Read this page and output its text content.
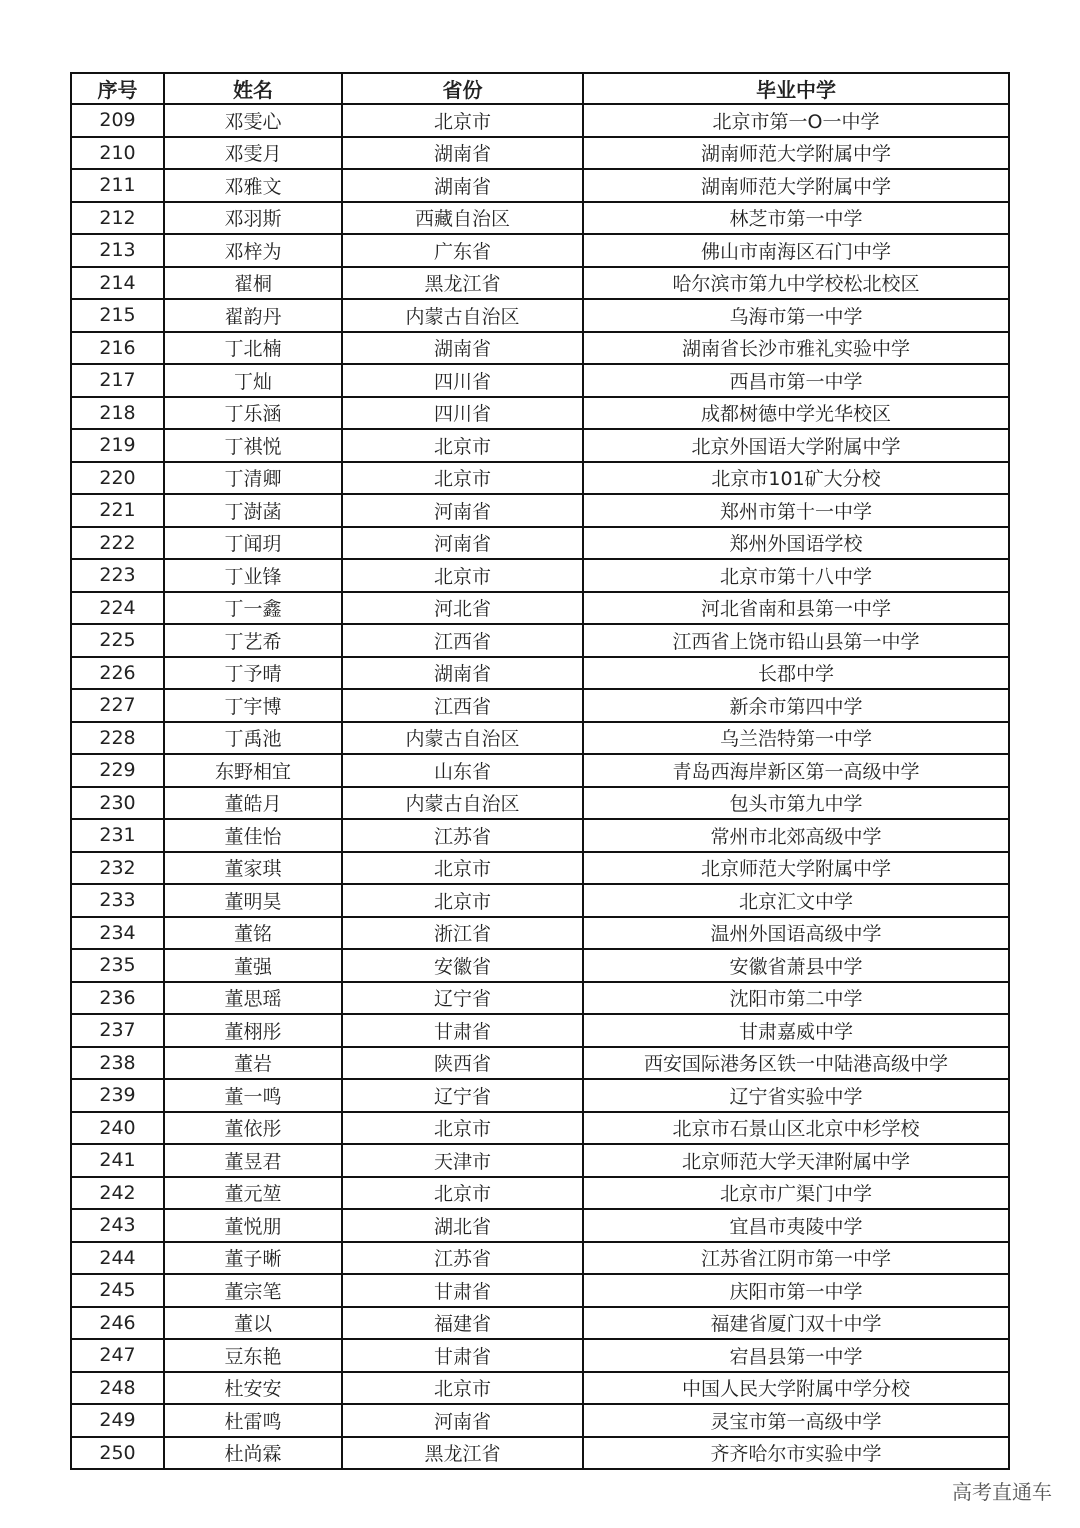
序号	姓名	省份	毕业中学
209	邓雯心	北京市	北京市第一O一中学
210	邓雯月	湖南省	湖南师范大学附属中学
211	邓雅文	湖南省	湖南师范大学附属中学
212	邓羽斯	西藏自治区	林芝市第一中学
213	邓梓为	广东省	佛山市南海区石门中学
214	翟桐	黑龙江省	哈尔滨市第九中学校松北校区
215	翟韵丹	内蒙古自治区	乌海市第一中学
216	丁北楠	湖南省	湖南省长沙市雅礼实验中学
217	丁灿	四川省	西昌市第一中学
218	丁乐涵	四川省	成都树德中学光华校区
219	丁祺悦	北京市	北京外国语大学附属中学
220	丁清卿	北京市	北京市101矿大分校
221	丁澍菡	河南省	郑州市第十一中学
222	丁闻玥	河南省	郑州外国语学校
223	丁业锋	北京市	北京市第十八中学
224	丁一鑫	河北省	河北省南和县第一中学
225	丁艺希	江西省	江西省上饶市铅山县第一中学
226	丁予晴	湖南省	长郡中学
227	丁宇博	江西省	新余市第四中学
228	丁禹池	内蒙古自治区	乌兰浩特第一中学
229	东野相宜	山东省	青岛西海岸新区第一高级中学
230	董皓月	内蒙古自治区	包头市第九中学
231	董佳怡	江苏省	常州市北郊高级中学
232	董家琪	北京市	北京师范大学附属中学
233	董明昊	北京市	北京汇文中学
234	董铭	浙江省	温州外国语高级中学
235	董强	安徽省	安徽省萧县中学
236	董思瑶	辽宁省	沈阳市第二中学
237	董栩彤	甘肃省	甘肃嘉威中学
238	董岩	陕西省	西安国际港务区铁一中陆港高级中学
239	董一鸣	辽宁省	辽宁省实验中学
240	董依彤	北京市	北京市石景山区北京中杉学校
241	董昱君	天津市	北京师范大学天津附属中学
242	董元堃	北京市	北京市广渠门中学
243	董悦朋	湖北省	宜昌市夷陵中学
244	董子晰	江苏省	江苏省江阴市第一中学
245	董宗笔	甘肃省	庆阳市第一中学
246	董以	福建省	福建省厦门双十中学
247	豆东艳	甘肃省	宕昌县第一中学
248	杜安安	北京市	中国人民大学附属中学分校
249	杜雷鸣	河南省	灵宝市第一高级中学
250	杜尚霖	黑龙江省	齐齐哈尔市实验中学
高考直通车
